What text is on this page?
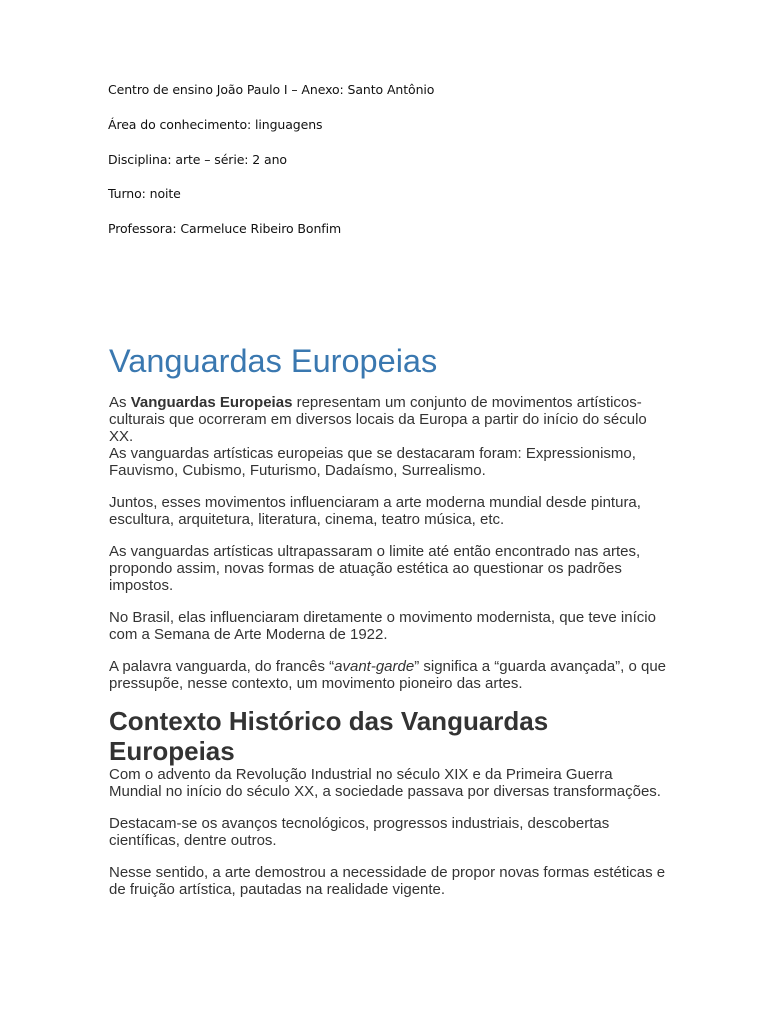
Centro de ensino João Paulo I – Anexo: Santo Antônio

Área do conhecimento: linguagens

Disciplina: arte – série: 2 ano

Turno: noite

Professora: Carmeluce Ribeiro Bonfim

Vanguardas Europeias

As Vanguardas Europeias representam um conjunto de movimentos artísticos-culturais que ocorreram em diversos locais da Europa a partir do início do século XX.
As vanguardas artísticas europeias que se destacaram foram: Expressionismo, Fauvismo, Cubismo, Futurismo, Dadaísmo, Surrealismo.

Juntos, esses movimentos influenciaram a arte moderna mundial desde pintura, escultura, arquitetura, literatura, cinema, teatro música, etc.

As vanguardas artísticas ultrapassaram o limite até então encontrado nas artes, propondo assim, novas formas de atuação estética ao questionar os padrões impostos.

No Brasil, elas influenciaram diretamente o movimento modernista, que teve início com a Semana de Arte Moderna de 1922.

A palavra vanguarda, do francês “avant-garde” significa a “guarda avançada”, o que pressupõe, nesse contexto, um movimento pioneiro das artes.

Contexto Histórico das Vanguardas Europeias

Com o advento da Revolução Industrial no século XIX e da Primeira Guerra Mundial no início do século XX, a sociedade passava por diversas transformações.

Destacam-se os avanços tecnológicos, progressos industriais, descobertas científicas, dentre outros.

Nesse sentido, a arte demostrou a necessidade de propor novas formas estéticas e de fruição artística, pautadas na realidade vigente.
